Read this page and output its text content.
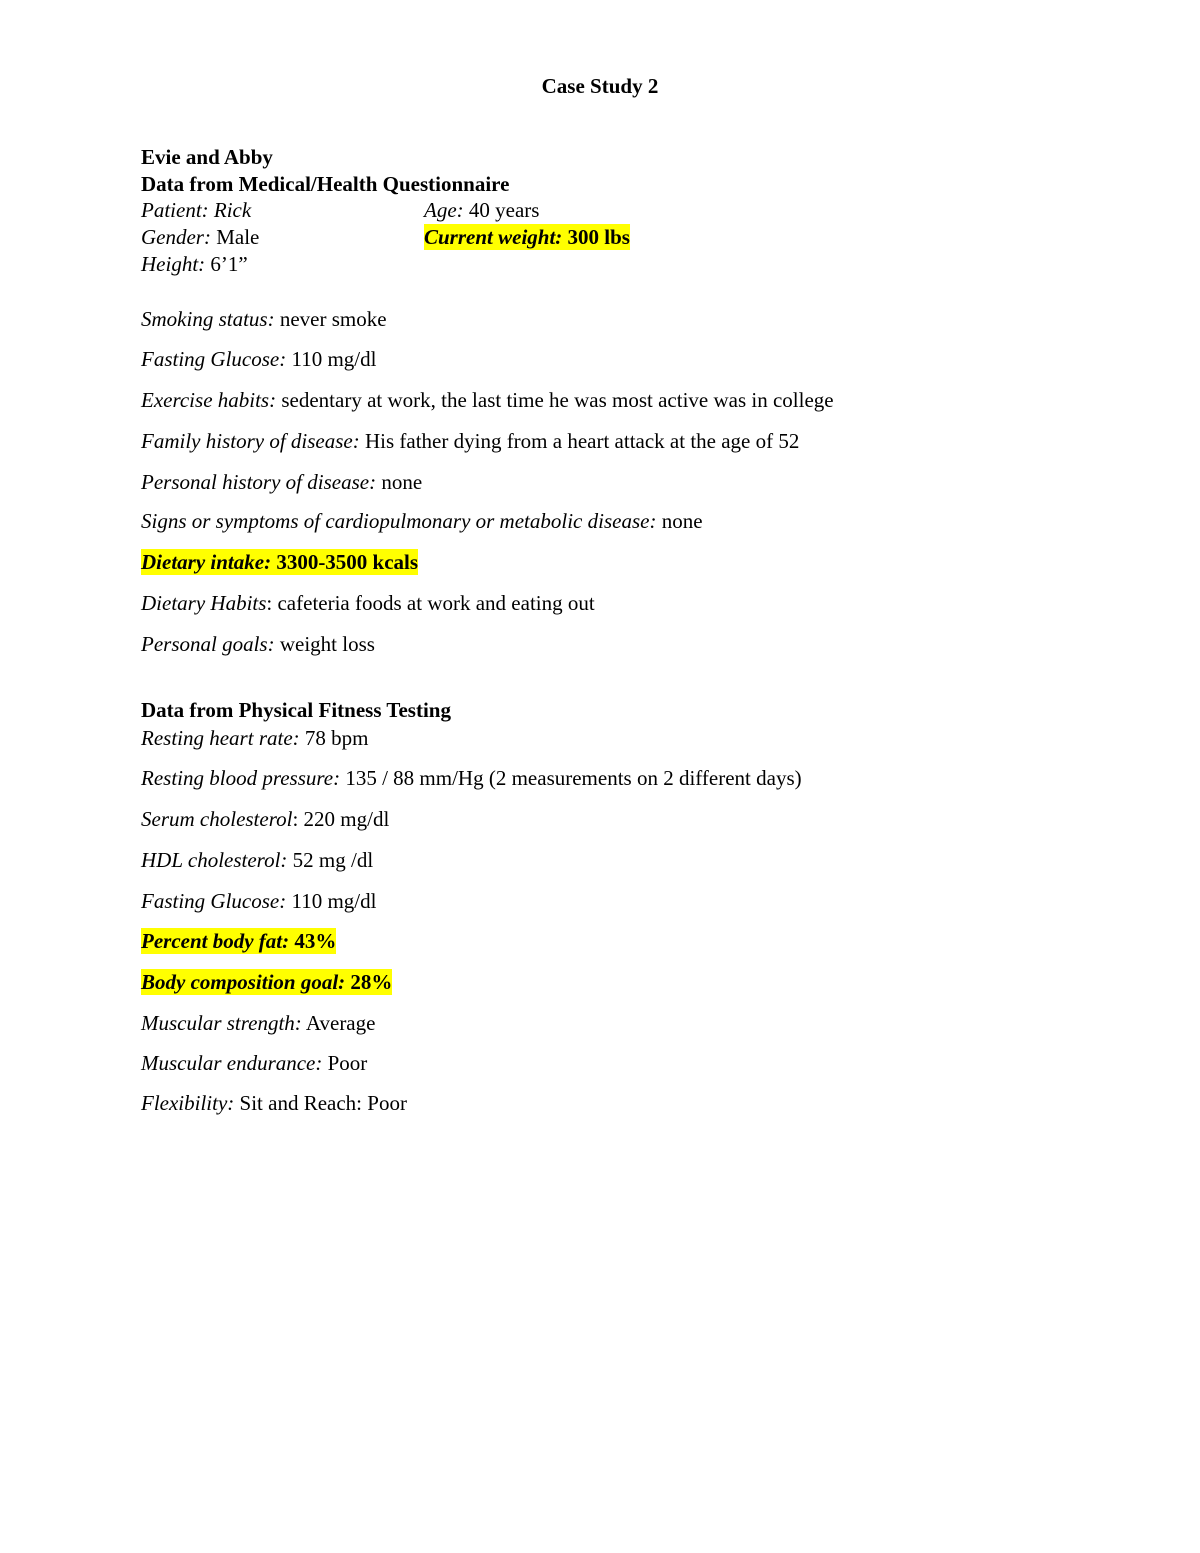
Case Study 2
Evie and Abby
Data from Medical/Health Questionnaire
Patient: Rick	Age: 40 years
Gender: Male	Current weight: 300 lbs
Height: 6’1”
Smoking status: never smoke
Fasting Glucose: 110 mg/dl
Exercise habits: sedentary at work, the last time he was most active was in college
Family history of disease: His father dying from a heart attack at the age of 52
Personal history of disease: none
Signs or symptoms of cardiopulmonary or metabolic disease: none
Dietary intake: 3300-3500 kcals
Dietary Habits: cafeteria foods at work and eating out
Personal goals: weight loss
Data from Physical Fitness Testing
Resting heart rate: 78 bpm
Resting blood pressure: 135 / 88 mm/Hg (2 measurements on 2 different days)
Serum cholesterol: 220 mg/dl
HDL cholesterol: 52 mg /dl
Fasting Glucose: 110 mg/dl
Percent body fat: 43%
Body composition goal: 28%
Muscular strength: Average
Muscular endurance: Poor
Flexibility: Sit and Reach: Poor
